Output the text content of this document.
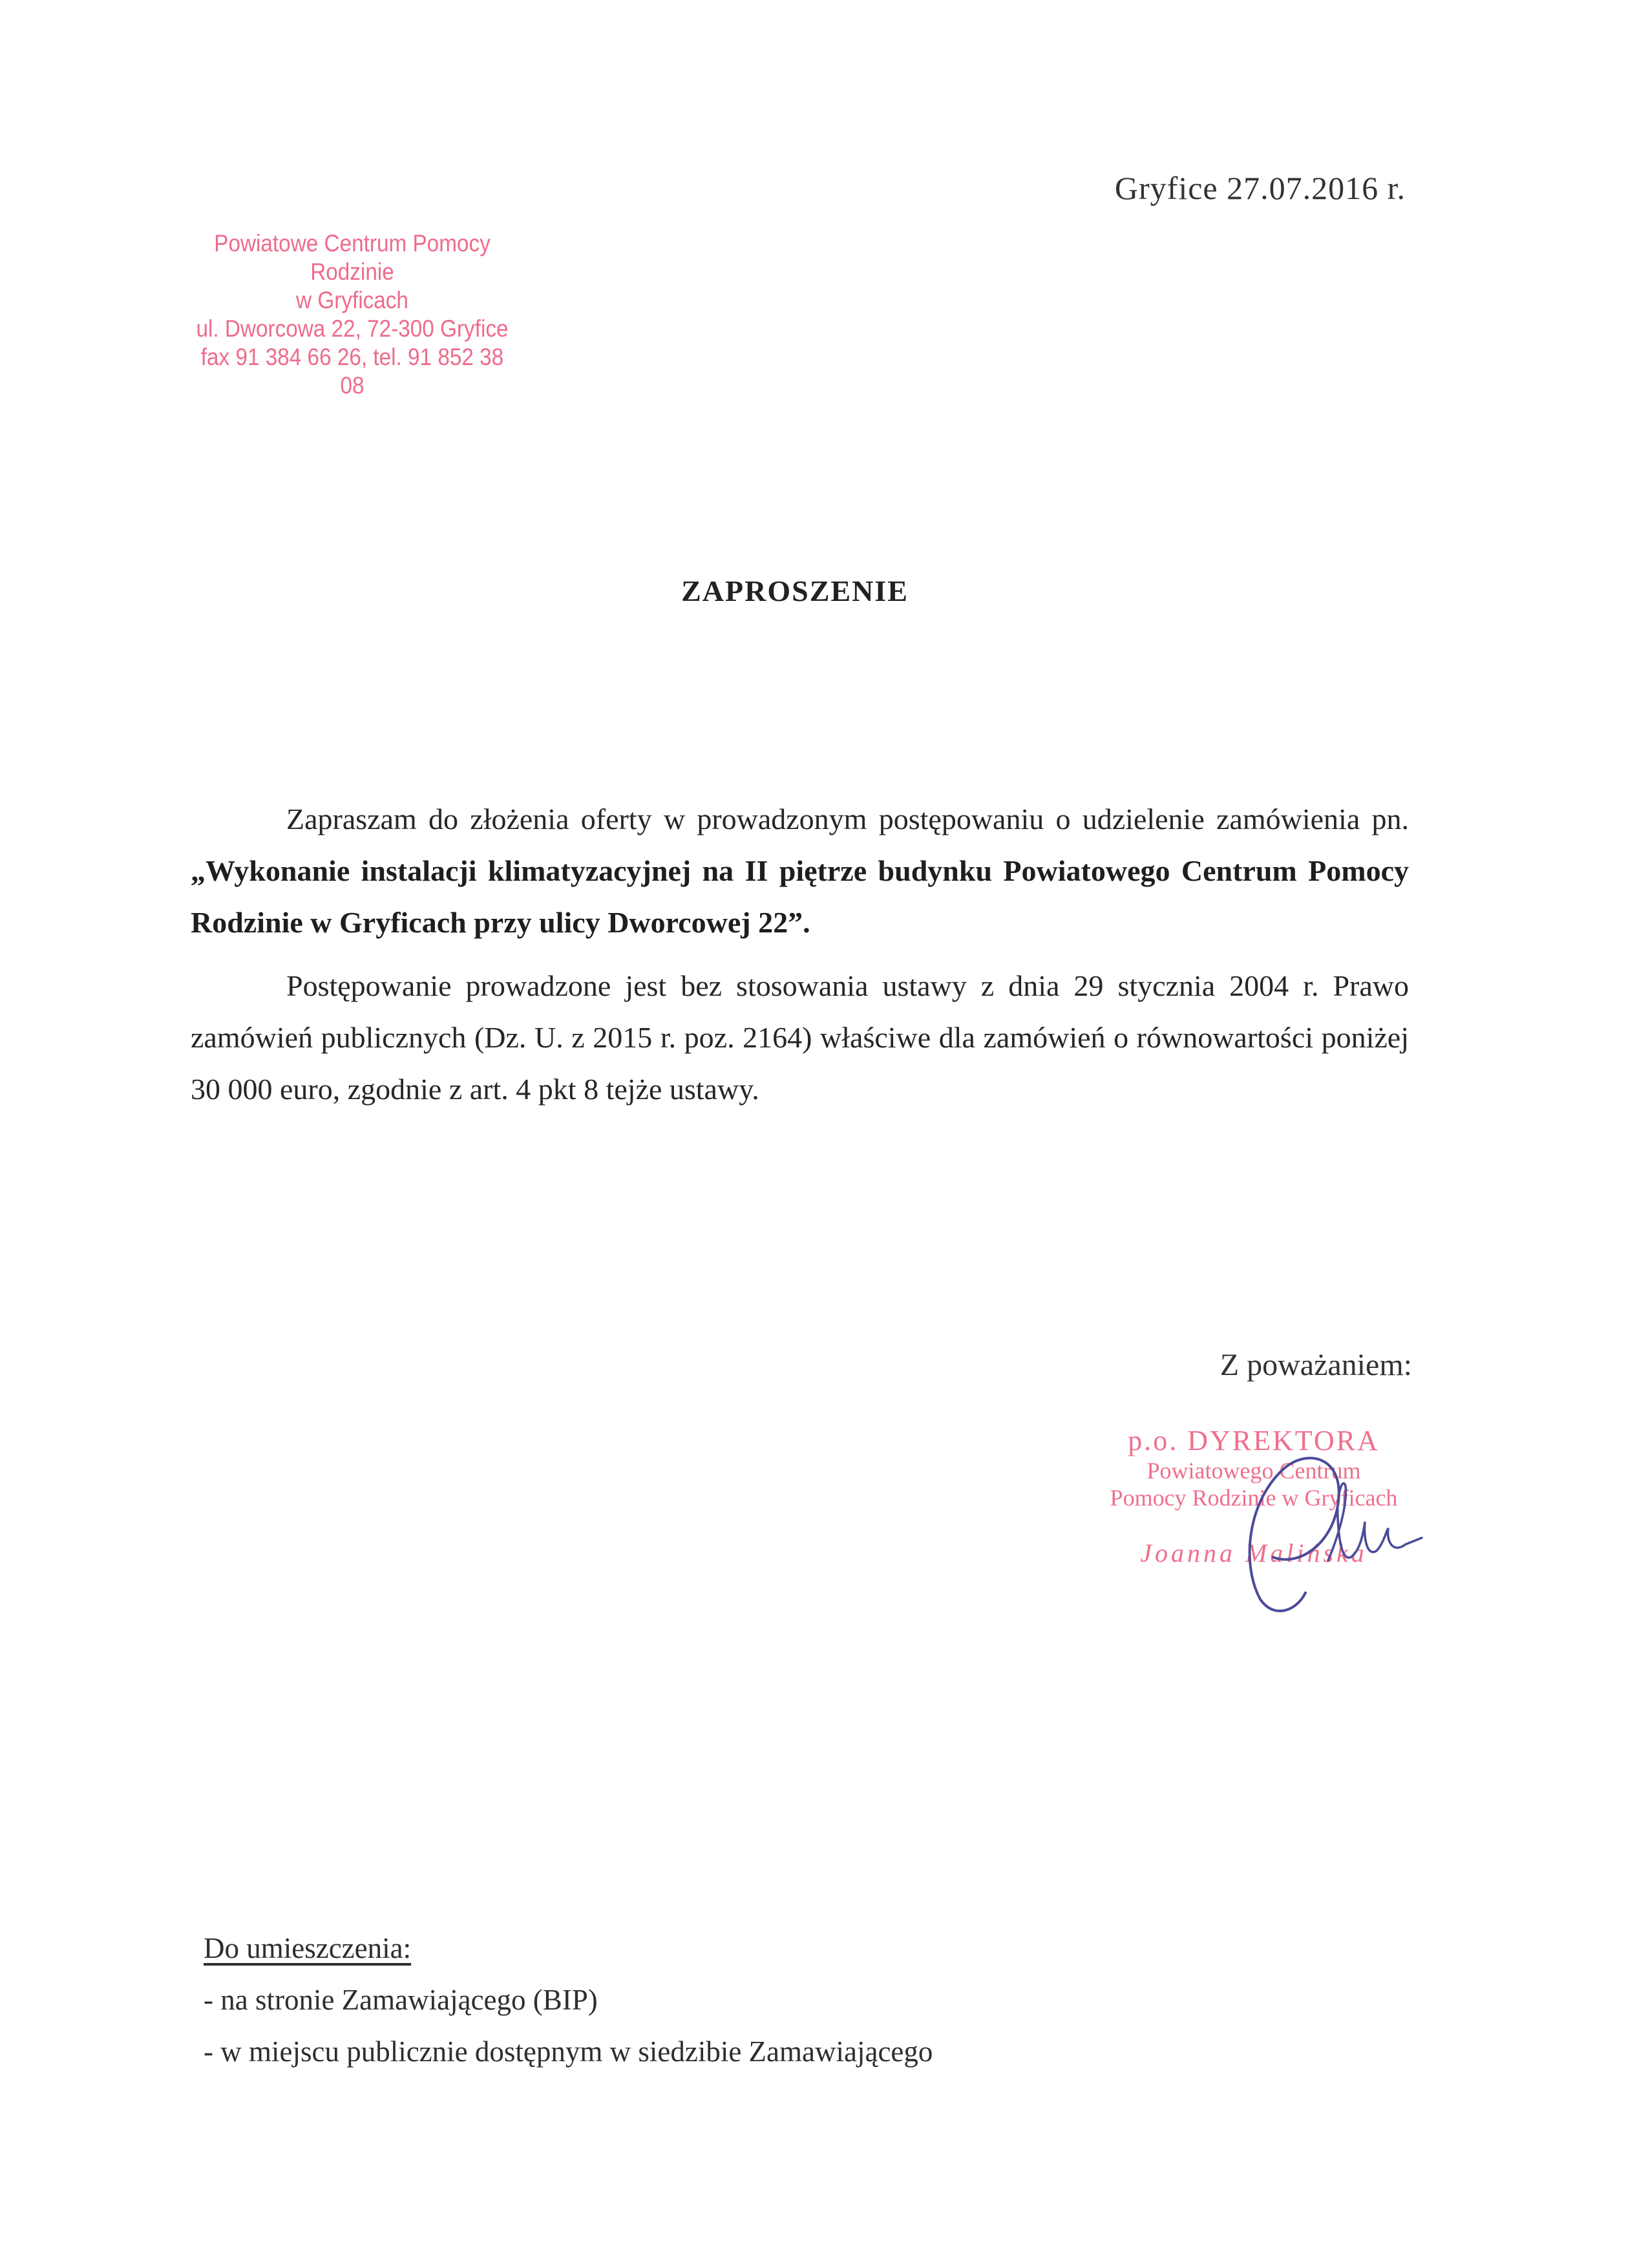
Gryfice 27.07.2016 r.
Powiatowe Centrum Pomocy Rodzinie
w Gryficach
ul. Dworcowa 22, 72-300 Gryfice
fax 91 384 66 26, tel. 91 852 38 08
ZAPROSZENIE

Zapraszam do złożenia oferty w prowadzonym postępowaniu o udzielenie zamówienia pn. „Wykonanie instalacji klimatyzacyjnej na II piętrze budynku Powiatowego Centrum Pomocy Rodzinie w Gryficach przy ulicy Dworcowej 22”.

Postępowanie prowadzone jest bez stosowania ustawy z dnia 29 stycznia 2004 r. Prawo zamówień publicznych (Dz. U. z 2015 r. poz. 2164) właściwe dla zamówień o równowartości poniżej 30 000 euro, zgodnie z art. 4 pkt 8 tejże ustawy.

Z poważaniem:
p.o. DYREKTORA
Powiatowego Centrum
Pomocy Rodzinie w Gryficach
Joanna Malińska
Do umieszczenia:
- na stronie Zamawiającego (BIP)
- w miejscu publicznie dostępnym w siedzibie Zamawiającego
